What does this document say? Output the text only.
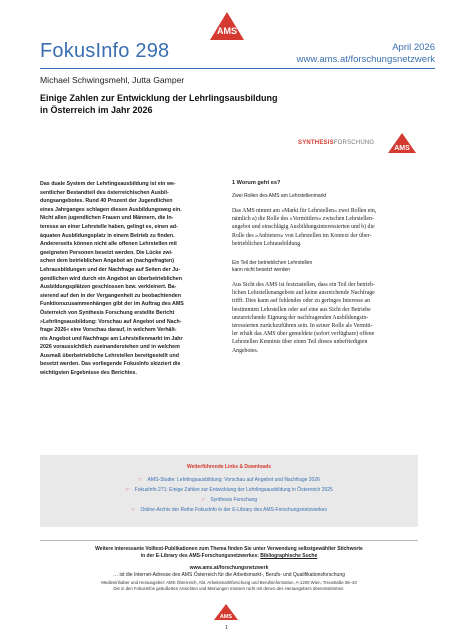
AMS
FokusInfo 298	April 2026
www.ams.at/forschungsnetzwerk
Michael Schwingsmehl, Jutta Gamper
Einige Zahlen zur Entwicklung der Lehrlingsausbildung
in Österreich im Jahr 2026
SYNTHESISFORSCHUNG
AMS
Das duale System der Lehrlingsausbildung ist ein we-
sentlicher Bestandteil des österreichischen Ausbil-
dungsangebotes. Rund 40 Prozent der Jugendlichen
eines Jahrganges schlagen diesen Ausbildungsweg ein.
Nicht allen jugendlichen Frauen und Männern, die In-
teresse an einer Lehrstelle haben, gelingt es, einen ad-
äquaten Ausbildungsplatz in einem Betrieb zu finden.
Andererseits können nicht alle offenen Lehrstellen mit
geeigneten Personen besetzt werden. Die Lücke zwi-
schen dem betrieblichen Angebot an (nachgefragten)
Lehrausbildungen und der Nachfrage auf Seiten der Ju-
gendlichen wird durch ein Angebot an überbetrieblichen
Ausbildungsplätzen geschlossen bzw. verkleinert. Ba-
sierend auf den in der Vergangenheit zu beobachtenden
Funktionszusammenhängen gibt der im Auftrag des AMS
Österreich von Synthesis Forschung erstellte Bericht
»Lehrlingsausbildung: Vorschau auf Angebot und Nach-
frage 2026« eine Vorschau darauf, in welchem Verhält-
nis Angebot und Nachfrage am Lehrstellenmarkt im Jahr
2026 voraussichtlich zueinanderstehen und in welchem
Ausmaß überbetriebliche Lehrstellen bereitgestellt und
besetzt werden. Das vorliegende FokusInfo skizziert die
wichtigsten Ergebnisse des Berichtes.
1 Worum geht es?
Zwei Rollen des AMS am Lehrstellenmarkt
Das AMS nimmt am »Markt für Lehrstellen« zwei Rollen ein,
nämlich a) die Rolle des »Vermittlers« zwischen Lehrstellen-
angebot und einschlägig Ausbildungsinteressierten und b) die
Rolle des »Anbieters« von Lehrstellen im Kontext der über-
betrieblichen Lehrausbildung.
Ein Teil der betrieblichen Lehrstellen
kann nicht besetzt werden
Aus Sicht des AMS ist festzustellen, dass ein Teil der betrieb-
lichen Lehrstellenangebote auf keine ausreichende Nachfrage
trifft. Dies kann auf fehlendes oder zu geringes Interesse an
bestimmten Lehrstellen oder auf eine aus Sicht der Betriebe
unzureichende Eignung der nachfragenden Ausbildungsin-
teressierten zurückzuführen sein. In seiner Rolle als Vermitt-
ler erhält das AMS über gemeldete (sofort verfügbare) offene
Lehrstellen Kenntnis über einen Teil dieses unbefriedigten
Angebotes.
Weiterführende Links & Downloads
☞ AMS-Studie: Lehrlingsausbildung: Vorschau auf Angebot und Nachfrage 2026
☞ FokusInfo 271: Einige Zahlen zur Entwicklung der Lehrlingsausbildung in Österreich 2025
☞ Synthesis Forschung
☞ Online-Archiv der Reihe FokusInfo in der E-Library des AMS-Forschungsnetzwerkes
Weitere interessante Volltext-Publikationen zum Thema finden Sie unter Verwendung selbstgewählter Stichworte
in der E-Library des AMS-Forschungsnetzwerkes: Bibliographische Suche
www.ams.at/forschungsnetzwerk
… ist die Internet-Adresse des AMS Österreich für die Arbeitsmarkt-, Berufs- und Qualifikationsforschung
Medieninhaber und Herausgeber: AMS Österreich, Abt. Arbeitsmarktforschung und Berufsinformation, A-1200 Wien, Treustraße 35–43
Die in den FokusInfos geäußerten Ansichten und Meinungen müssen nicht mit denen des Herausgebers übereinstimmen.
AMS
1
